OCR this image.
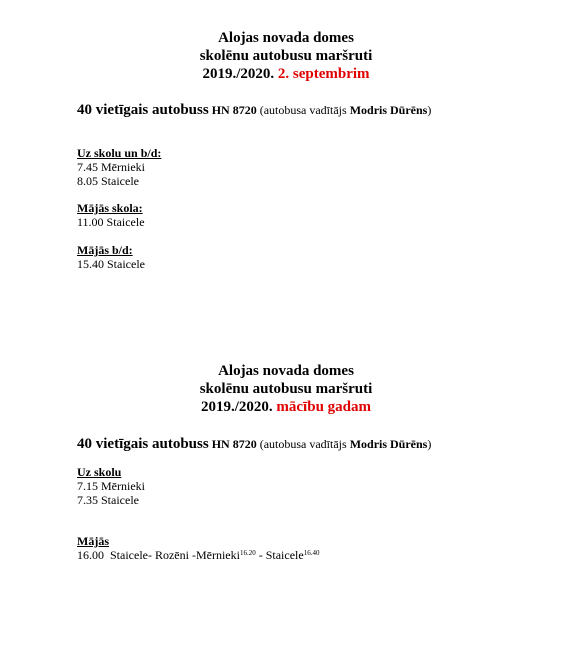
Alojas novada domes
skolēnu autobusu maršruti
2019./2020. 2. septembrim
40 vietīgais autobuss HN 8720 (autobusa vadītājs Modris Dūrēns)
Uz skolu un b/d:
7.45 Mērnieki
8.05 Staicele
Mājās skola:
11.00 Staicele
Mājās b/d:
15.40 Staicele
Alojas novada domes
skolēnu autobusu maršruti
2019./2020. mācību gadam
40 vietīgais autobuss HN 8720 (autobusa vadītājs Modris Dūrēns)
Uz skolu
7.15 Mērnieki
7.35 Staicele
Mājās
16.00 Staicele- Rozēni -Mērnieki$^{16.20}$ - Staicele$^{16.40}$
